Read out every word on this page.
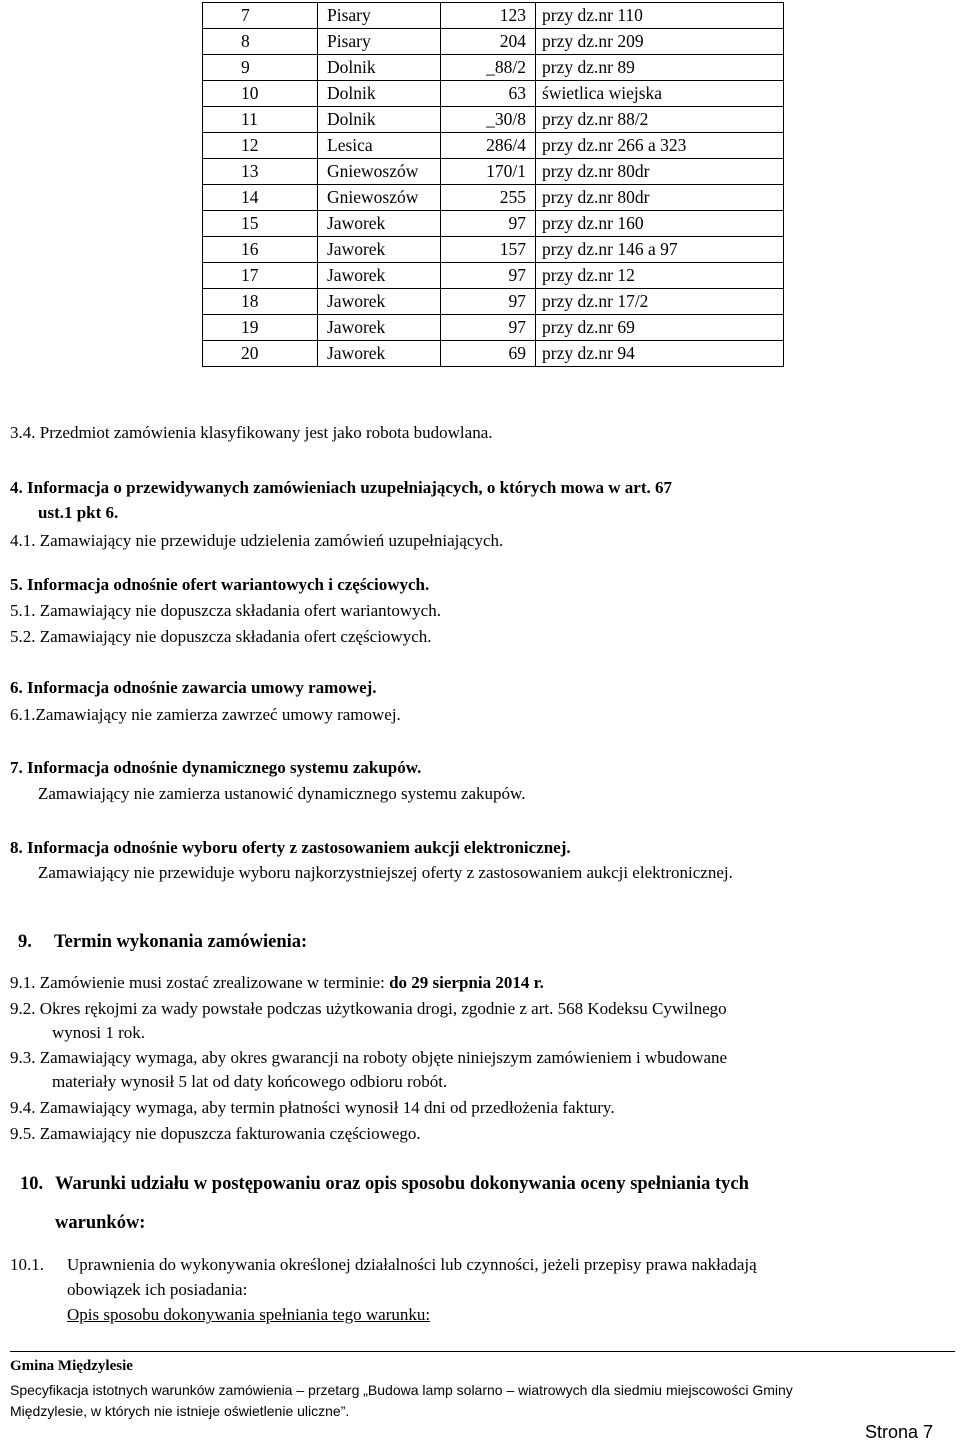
7	Pisary	123	przy dz.nr 110
8	Pisary	204	przy dz.nr 209
9	Dolnik	_88/2	przy dz.nr 89
10	Dolnik	63	świetlica wiejska
11	Dolnik	_30/8	przy dz.nr 88/2
12	Lesica	286/4	przy dz.nr 266 a 323
13	Gniewoszów	170/1	przy dz.nr 80dr
14	Gniewoszów	255	przy dz.nr 80dr
15	Jaworek	97	przy dz.nr 160
16	Jaworek	157	przy dz.nr 146 a 97
17	Jaworek	97	przy dz.nr 12
18	Jaworek	97	przy dz.nr 17/2
19	Jaworek	97	przy dz.nr 69
20	Jaworek	69	przy dz.nr 94
3.4. Przedmiot zamówienia klasyfikowany jest jako robota budowlana.
4. Informacja o przewidywanych zamówieniach uzupełniających, o których mowa w art. 67
ust.1 pkt 6.
4.1. Zamawiający nie przewiduje udzielenia zamówień uzupełniających.
5. Informacja odnośnie ofert wariantowych i częściowych.
5.1. Zamawiający nie dopuszcza składania ofert wariantowych.
5.2. Zamawiający nie dopuszcza składania ofert częściowych.
6. Informacja odnośnie zawarcia umowy ramowej.
6.1.Zamawiający nie zamierza zawrzeć umowy ramowej.
7. Informacja odnośnie dynamicznego systemu zakupów.
Zamawiający nie zamierza ustanowić dynamicznego systemu zakupów.
8. Informacja odnośnie wyboru oferty z zastosowaniem aukcji elektronicznej.
Zamawiający nie przewiduje wyboru najkorzystniejszej oferty z zastosowaniem aukcji elektronicznej.
9. Termin wykonania zamówienia:
9.1. Zamówienie musi zostać zrealizowane w terminie: do 29 sierpnia 2014 r.
9.2. Okres rękojmi za wady powstałe podczas użytkowania drogi, zgodnie z art. 568 Kodeksu Cywilnego
wynosi 1 rok.
9.3. Zamawiający wymaga, aby okres gwarancji na roboty objęte niniejszym zamówieniem i wbudowane
materiały wynosił 5 lat od daty końcowego odbioru robót.
9.4. Zamawiający wymaga, aby termin płatności wynosił 14 dni od przedłożenia faktury.
9.5. Zamawiający nie dopuszcza fakturowania częściowego.
10. Warunki udziału w postępowaniu oraz opis sposobu dokonywania oceny spełniania tych
warunków:
10.1. Uprawnienia do wykonywania określonej działalności lub czynności, jeżeli przepisy prawa nakładają
obowiązek ich posiadania:
Opis sposobu dokonywania spełniania tego warunku:
Gmina Międzylesie
Specyfikacja istotnych warunków zamówienia – przetarg „Budowa lamp solarno – wiatrowych dla siedmiu miejscowości Gminy
Międzylesie, w których nie istnieje oświetlenie uliczne”.
Strona 7
